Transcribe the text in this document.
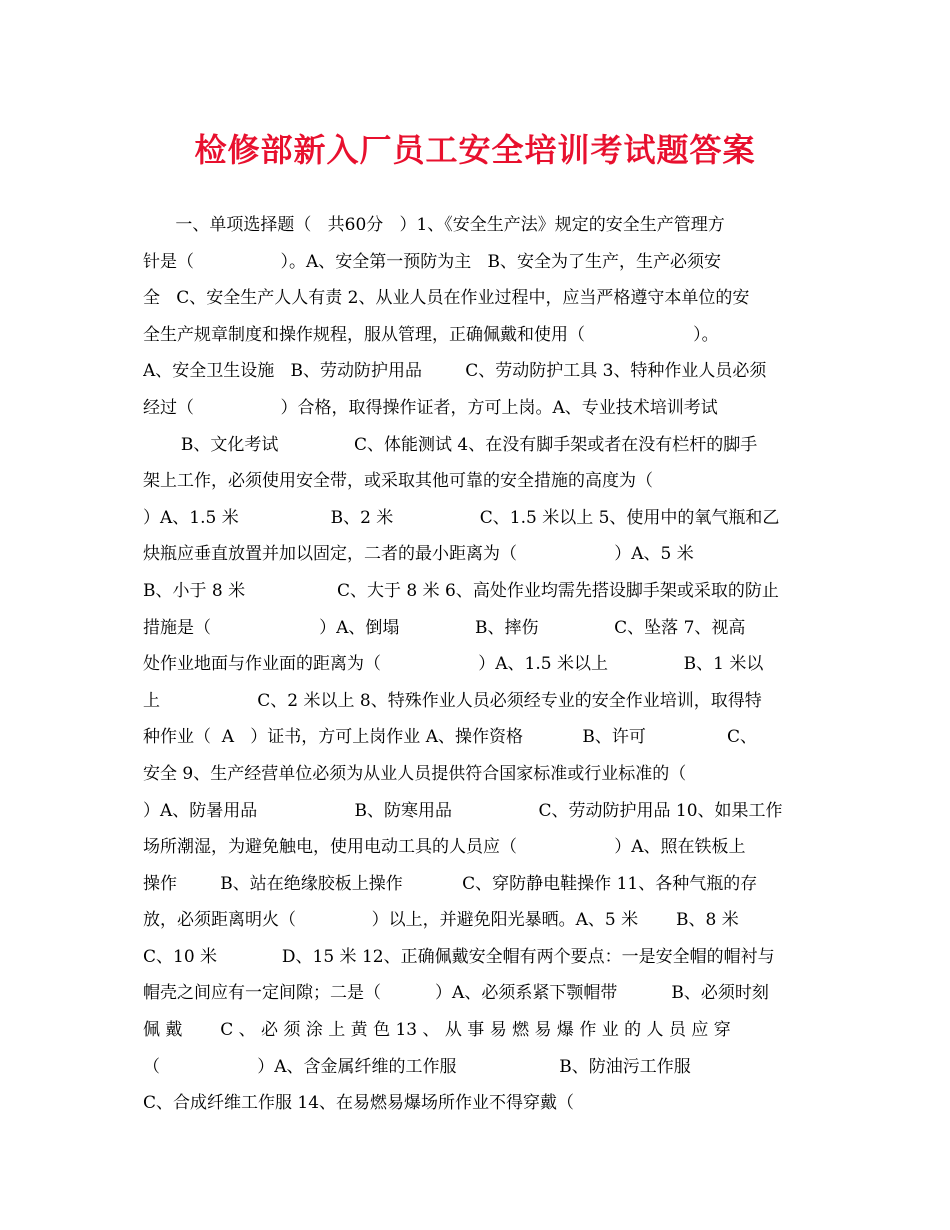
检修部新入厂员工安全培训考试题答案
一、单项选择题（   共60分   ）1、《安全生产法》规定的安全生产管理方
针是（                ）。A、安全第一预防为主   B、安全为了生产，生产必须安
全   C、安全生产人人有责 2、从业人员在作业过程中，应当严格遵守本单位的安
全生产规章制度和操作规程，服从管理，正确佩戴和使用（                    ）。
A、安全卫生设施   B、劳动防护用品        C、劳动防护工具 3、特种作业人员必须
经过（                ）合格，取得操作证者，方可上岗。A、专业技术培训考试
B、文化考试              C、体能测试 4、在没有脚手架或者在没有栏杆的脚手
架上工作，必须使用安全带，或采取其他可靠的安全措施的高度为（
）A、1.5 米                 B、2 米                C、1.5 米以上 5、使用中的氧气瓶和乙
炔瓶应垂直放置并加以固定，二者的最小距离为（                  ）A、5 米
B、小于 8 米                 C、大于 8 米 6、高处作业均需先搭设脚手架或采取的防止
措施是（                    ）A、倒塌              B、摔伤              C、坠落 7、视高
处作业地面与作业面的距离为（                  ）A、1.5 米以上              B、1 米以
上                  C、2 米以上 8、特殊作业人员必须经专业的安全作业培训，取得特
种作业（  A   ）证书，方可上岗作业 A、操作资格           B、许可               C、
安全 9、生产经营单位必须为从业人员提供符合国家标准或行业标准的（
）A、防暑用品                  B、防寒用品                C、劳动防护用品 10、如果工作
场所潮湿，为避免触电，使用电动工具的人员应（                  ）A、照在铁板上
操作        B、站在绝缘胶板上操作           C、穿防静电鞋操作 11、各种气瓶的存
放，必须距离明火（              ）以上，并避免阳光暴晒。A、5 米       B、8 米
C、10 米            D、15 米 12、正确佩戴安全帽有两个要点：一是安全帽的帽衬与
帽壳之间应有一定间隙；二是（          ）A、必须系紧下颚帽带          B、必须时刻
佩 戴       C 、 必 须 涂 上 黄 色 13 、 从 事 易 燃 易 爆 作 业 的 人 员 应 穿
（                  ）A、含金属纤维的工作服                   B、防油污工作服
C、合成纤维工作服 14、在易燃易爆场所作业不得穿戴（
